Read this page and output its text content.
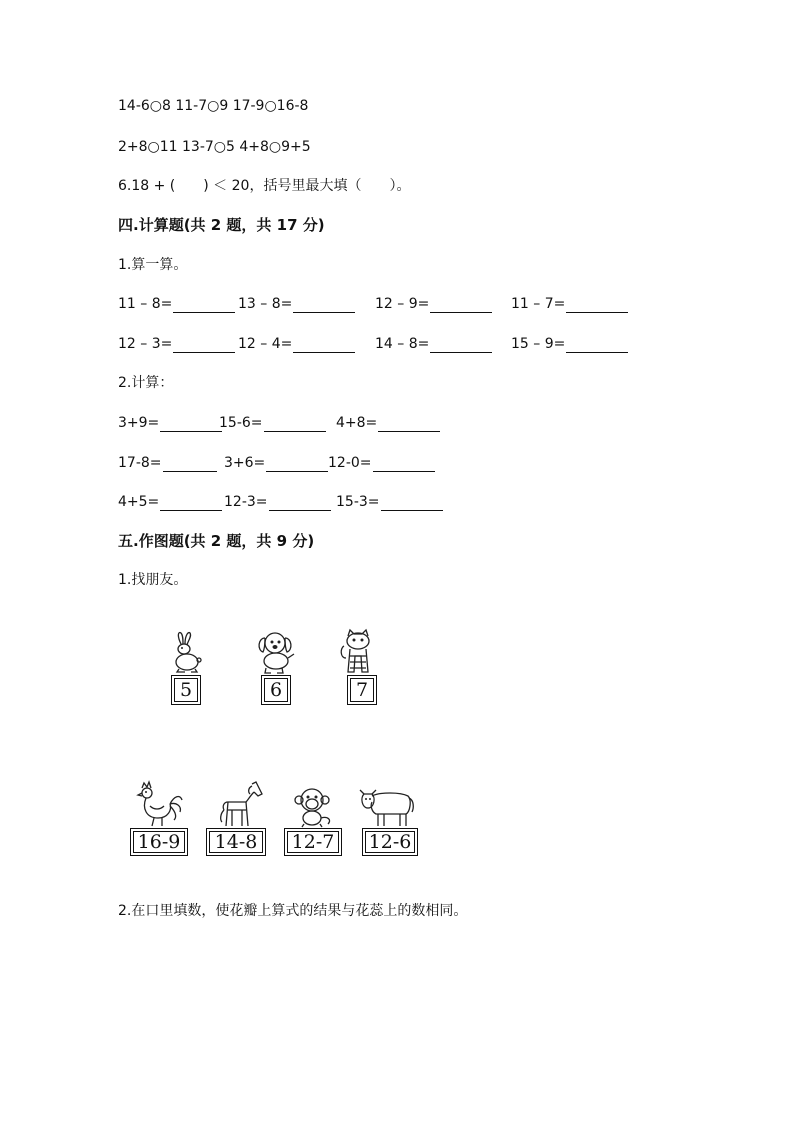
14-6○8 11-7○9 17-9○16-8
2+8○11 13-7○5 4+8○9+5
6.18 + (　　) ＜ 20，括号里最大填（　　）。
四.计算题(共 2 题，共 17 分)
1.算一算。
11 – 8=	13 – 8=	12 – 9=	11 – 7=
12 – 3=	12 – 4=	14 – 8=	15 – 9=
2.计算：
3+9=	15-6=	4+8=
17-8=	3+6=	12-0=
4+5=	12-3=	15-3=
五.作图题(共 2 题，共 9 分)
1.找朋友。
5	6	7
16-9 14-8 12-7 12-6
2.在口里填数，使花瓣上算式的结果与花蕊上的数相同。
